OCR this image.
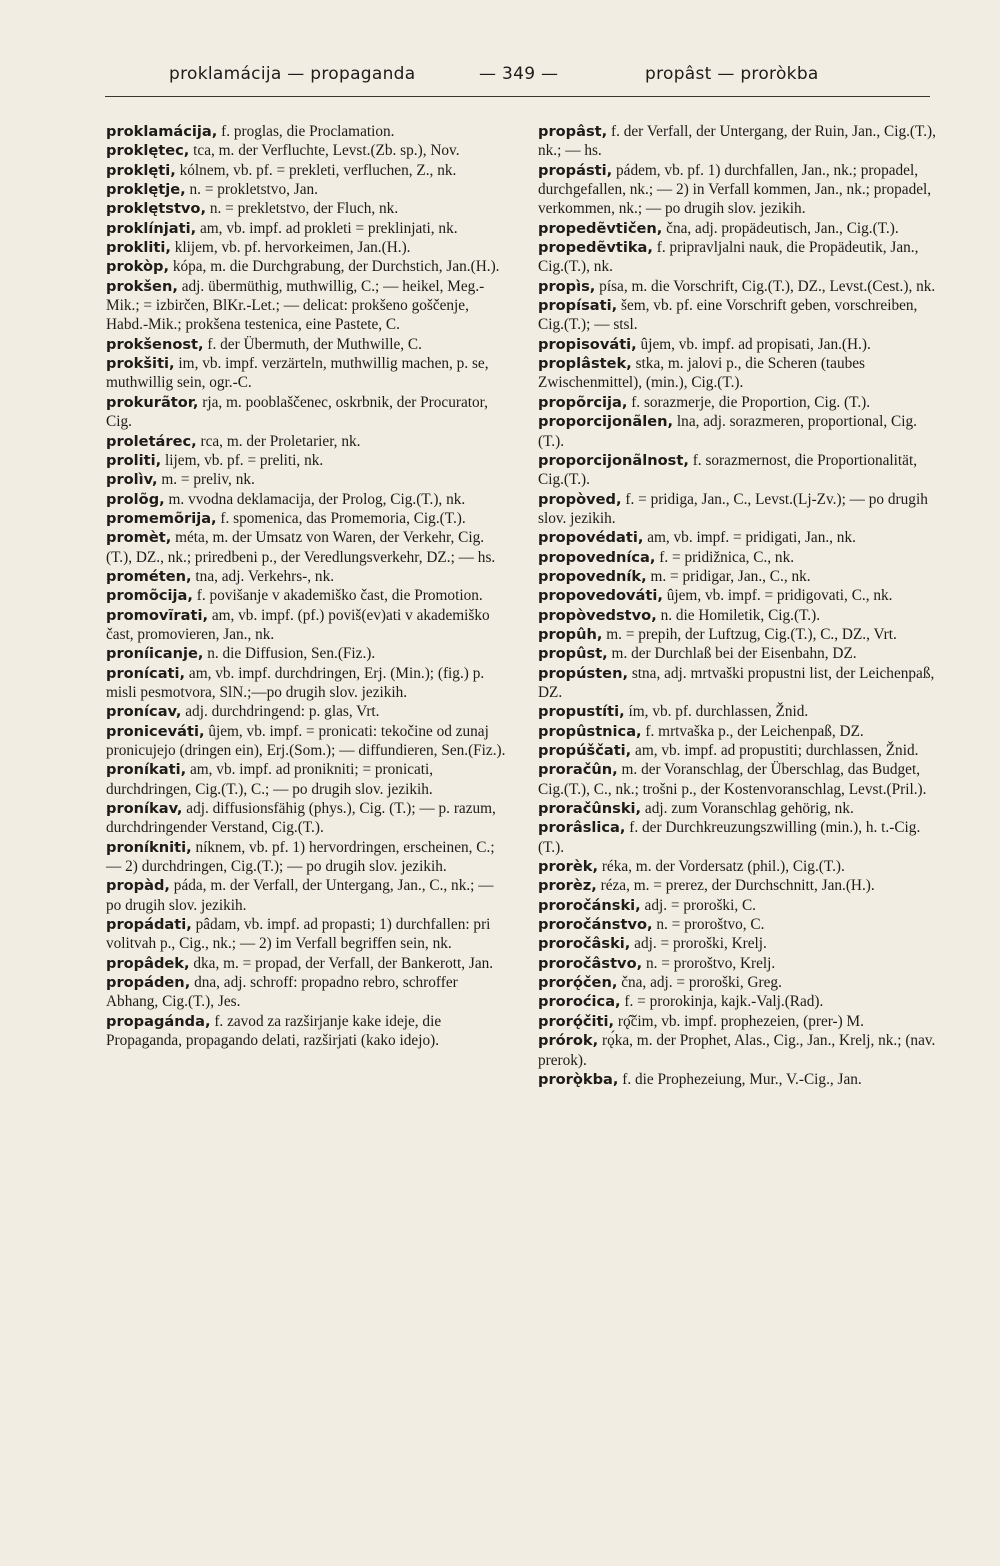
proklamácija — propaganda	— 349 —	propâst — proròkba

proklamácija, f. proglas, die Proclamation.

proklętec, tca, m. der Verfluchte, Levst.(Zb. sp.), Nov.

proklęti, kólnem, vb. pf. = prekleti, verfluchen, Z., nk.

proklętje, n. = prokletstvo, Jan.

proklętstvo, n. = prekletstvo, der Fluch, nk.

proklínjati, am, vb. impf. ad prokleti = preklinjati, nk.

prokliti, klijem, vb. pf. hervorkeimen, Jan.(H.).

prokòp, kópa, m. die Durchgrabung, der Durchstich, Jan.(H.).

prokšen, adj. übermüthig, muthwillig, C.; — heikel, Meg.-Mik.; = izbirčen, BlKr.-Let.; — delicat: prokšeno goščenje, Habd.-Mik.; prokšena testenica, eine Pastete, C.

prokšenost, f. der Übermuth, der Muthwille, C.

prokšiti, im, vb. impf. verzärteln, muthwillig machen, p. se, muthwillig sein, ogr.-C.

prokurãtor, rja, m. pooblaščenec, oskrbnik, der Procurator, Cig.

proletárec, rca, m. der Proletarier, nk.

proliti, lijem, vb. pf. = preliti, nk.

prolìv, m. = preliv, nk.

prolõg, m. vvodna deklamacija, der Prolog, Cig.(T.), nk.

promemõrija, f. spomenica, das Promemoria, Cig.(T.).

promèt, méta, m. der Umsatz von Waren, der Verkehr, Cig.(T.), DZ., nk.; priredbeni p., der Veredlungsverkehr, DZ.; — hs.

prométen, tna, adj. Verkehrs-, nk.

promõcija, f. povišanje v akademiško čast, die Promotion.

promovĩrati, am, vb. impf. (pf.) poviš(ev)ati v akademiško čast, promovieren, Jan., nk.

proníicanje, n. die Diffusion, Sen.(Fiz.).

pronícati, am, vb. impf. durchdringen, Erj. (Min.); (fig.) p. misli pesmotvora, SlN.;—po drugih slov. jezikih.

pronícav, adj. durchdringend: p. glas, Vrt.

proniceváti, ûjem, vb. impf. = pronicati: tekočine od zunaj pronicujejo (dringen ein), Erj.(Som.); — diffundieren, Sen.(Fiz.).

proníkati, am, vb. impf. ad pronikniti; = pronicati, durchdringen, Cig.(T.), C.; — po drugih slov. jezikih.

proníkav, adj. diffusionsfähig (phys.), Cig. (T.); — p. razum, durchdringender Verstand, Cig.(T.).

proníkniti, níknem, vb. pf. 1) hervordringen, erscheinen, C.; — 2) durchdringen, Cig.(T.); — po drugih slov. jezikih.

propàd, páda, m. der Verfall, der Untergang, Jan., C., nk.; — po drugih slov. jezikih.

propádati, pâdam, vb. impf. ad propasti; 1) durchfallen: pri volitvah p., Cig., nk.; — 2) im Verfall begriffen sein, nk.

propâdek, dka, m. = propad, der Verfall, der Bankerott, Jan.

propáden, dna, adj. schroff: propadno rebro, schroffer Abhang, Cig.(T.), Jes.

propagánda, f. zavod za razširjanje kake ideje, die Propaganda, propagando delati, razširjati (kako idejo).

propâst, f. der Verfall, der Untergang, der Ruin, Jan., Cig.(T.), nk.; — hs.

propásti, pádem, vb. pf. 1) durchfallen, Jan., nk.; propadel, durchgefallen, nk.; — 2) in Verfall kommen, Jan., nk.; propadel, verkommen, nk.; — po drugih slov. jezikih.

propedẽvtičen, čna, adj. propädeutisch, Jan., Cig.(T.).

propedẽvtika, f. pripravljalni nauk, die Propädeutik, Jan., Cig.(T.), nk.

propìs, písa, m. die Vorschrift, Cig.(T.), DZ., Levst.(Cest.), nk.

propísati, šem, vb. pf. eine Vorschrift geben, vorschreiben, Cig.(T.); — stsl.

propisováti, ûjem, vb. impf. ad propisati, Jan.(H.).

proplâstek, stka, m. jalovi p., die Scheren (taubes Zwischenmittel), (min.), Cig.(T.).

propõrcija, f. sorazmerje, die Proportion, Cig. (T.).

proporcijonãlen, lna, adj. sorazmeren, proportional, Cig.(T.).

proporcijonãlnost, f. sorazmernost, die Proportionalität, Cig.(T.).

propòved, f. = pridiga, Jan., C., Levst.(Lj-Zv.); — po drugih slov. jezikih.

propovédati, am, vb. impf. = pridigati, Jan., nk.

propovedníca, f. = pridižnica, C., nk.

propovedník, m. = pridigar, Jan., C., nk.

propovedováti, ûjem, vb. impf. = pridigovati, C., nk.

propòvedstvo, n. die Homiletik, Cig.(T.).

propûh, m. = prepih, der Luftzug, Cig.(T.), C., DZ., Vrt.

propûst, m. der Durchlaß bei der Eisenbahn, DZ.

propústen, stna, adj. mrtvaški propustni list, der Leichenpaß, DZ.

propustíti, ím, vb. pf. durchlassen, Žnid.

propûstnica, f. mrtvaška p., der Leichenpaß, DZ.

propúščati, am, vb. impf. ad propustiti; durchlassen, Žnid.

proračûn, m. der Voranschlag, der Überschlag, das Budget, Cig.(T.), C., nk.; trošni p., der Kostenvoranschlag, Levst.(Pril.).

proračûnski, adj. zum Voranschlag gehörig, nk.

prorâslica, f. der Durchkreuzungszwilling (min.), h. t.-Cig.(T.).

prorèk, réka, m. der Vordersatz (phil.), Cig.(T.).

prorèz, réza, m. = prerez, der Durchschnitt, Jan.(H.).

proročánski, adj. = proroški, C.

proročánstvo, n. = proroštvo, C.

proročâski, adj. = proroški, Krelj.

proročâstvo, n. = proroštvo, Krelj.

prorǫ́čen, čna, adj. = proroški, Greg.

proroćica, f. = prorokinja, kajk.-Valj.(Rad).

prorǫ́čiti, rǫ̂čim, vb. impf. prophezeien, (prer-) M.

prórok, rǫ́ka, m. der Prophet, Alas., Cig., Jan., Krelj, nk.; (nav. prerok).

prorǫ̀kba, f. die Prophezeiung, Mur., V.-Cig., Jan.
